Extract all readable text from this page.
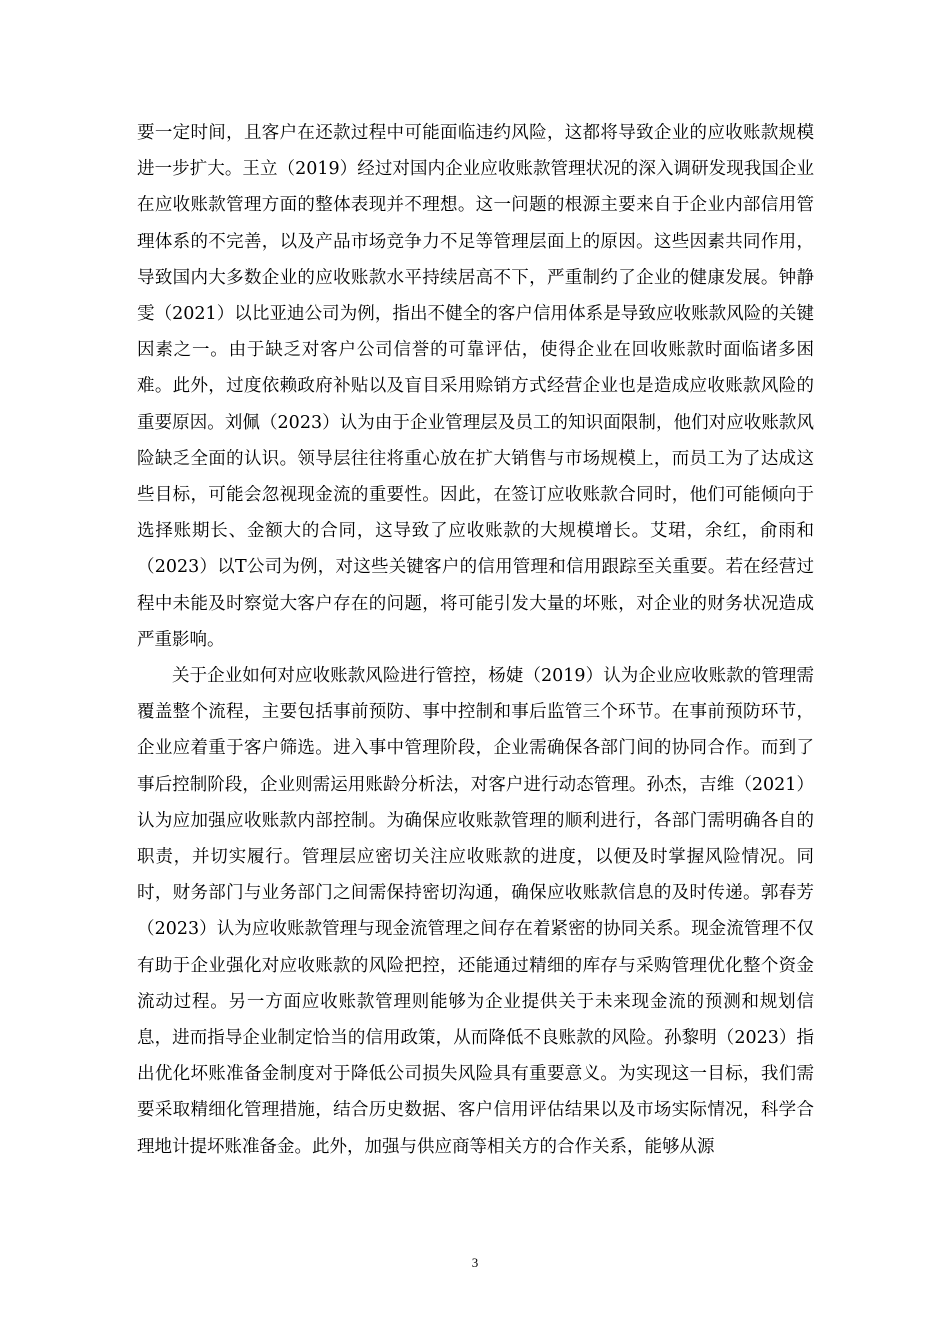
要一定时间，且客户在还款过程中可能面临违约风险，这都将导致企业的应收账款规模进一步扩大。王立（2019）经过对国内企业应收账款管理状况的深入调研发现我国企业在应收账款管理方面的整体表现并不理想。这一问题的根源主要来自于企业内部信用管理体系的不完善，以及产品市场竞争力不足等管理层面上的原因。这些因素共同作用，导致国内大多数企业的应收账款水平持续居高不下，严重制约了企业的健康发展。钟静雯（2021）以比亚迪公司为例，指出不健全的客户信用体系是导致应收账款风险的关键因素之一。由于缺乏对客户公司信誉的可靠评估，使得企业在回收账款时面临诸多困难。此外，过度依赖政府补贴以及盲目采用赊销方式经营企业也是造成应收账款风险的重要原因。刘佩（2023）认为由于企业管理层及员工的知识面限制，他们对应收账款风险缺乏全面的认识。领导层往往将重心放在扩大销售与市场规模上，而员工为了达成这些目标，可能会忽视现金流的重要性。因此，在签订应收账款合同时，他们可能倾向于选择账期长、金额大的合同，这导致了应收账款的大规模增长。艾珺，余红，俞雨和（2023）以T公司为例，对这些关键客户的信用管理和信用跟踪至关重要。若在经营过程中未能及时察觉大客户存在的问题，将可能引发大量的坏账，对企业的财务状况造成严重影响。

关于企业如何对应收账款风险进行管控，杨婕（2019）认为企业应收账款的管理需覆盖整个流程，主要包括事前预防、事中控制和事后监管三个环节。在事前预防环节，企业应着重于客户筛选。进入事中管理阶段，企业需确保各部门间的协同合作。而到了事后控制阶段，企业则需运用账龄分析法，对客户进行动态管理。孙杰，吉维（2021）认为应加强应收账款内部控制。为确保应收账款管理的顺利进行，各部门需明确各自的职责，并切实履行。管理层应密切关注应收账款的进度，以便及时掌握风险情况。同时，财务部门与业务部门之间需保持密切沟通，确保应收账款信息的及时传递。郭春芳（2023）认为应收账款管理与现金流管理之间存在着紧密的协同关系。现金流管理不仅有助于企业强化对应收账款的风险把控，还能通过精细的库存与采购管理优化整个资金流动过程。另一方面应收账款管理则能够为企业提供关于未来现金流的预测和规划信息，进而指导企业制定恰当的信用政策，从而降低不良账款的风险。孙黎明（2023）指出优化坏账准备金制度对于降低公司损失风险具有重要意义。为实现这一目标，我们需要采取精细化管理措施，结合历史数据、客户信用评估结果以及市场实际情况，科学合理地计提坏账准备金。此外，加强与供应商等相关方的合作关系，能够从源

3
